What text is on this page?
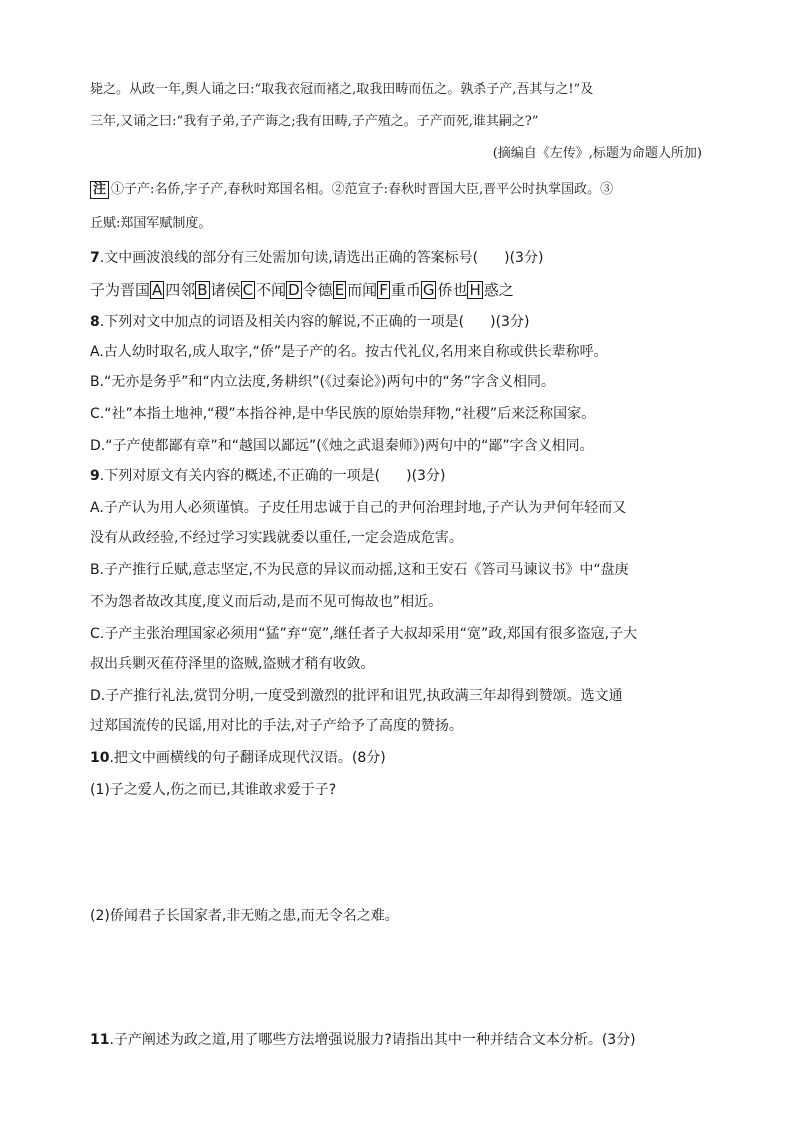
毙之。从政一年,舆人诵之曰:“取我衣冠而褚之,取我田畴而伍之。孰杀子产,吾其与之!”及
三年,又诵之曰:“我有子弟,子产诲之;我有田畴,子产殖之。子产而死,谁其嗣之?”
(摘编自《左传》,标题为命题人所加)
注 ①子产:名侨,字子产,春秋时郑国名相。②范宣子:春秋时晋国大臣,晋平公时执掌国政。③
丘赋:郑国军赋制度。
7.文中画波浪线的部分有三处需加句读,请选出正确的答案标号( )(3分)
子为晋国 A 四邻 B 诸侯 C 不闻 D 令德 E 而闻 F 重币 G 侨也 H 惑之
8.下列对文中加点的词语及相关内容的解说,不正确的一项是( )(3分)
A.古人幼时取名,成人取字,“侨”是子产的名。按古代礼仪,名用来自称或供长辈称呼。
B.“无亦是务乎”和“内立法度,务耕织”(《过秦论》)两句中的“务”字含义相同。
C.“社”本指土地神,“稷”本指谷神,是中华民族的原始崇拜物,“社稷”后来泛称国家。
D.“子产使都鄙有章”和“越国以鄙远”(《烛之武退秦师》)两句中的“鄙”字含义相同。
9.下列对原文有关内容的概述,不正确的一项是( )(3分)
A.子产认为用人必须谨慎。子皮任用忠诚于自己的尹何治理封地,子产认为尹何年轻而又
没有从政经验,不经过学习实践就委以重任,一定会造成危害。
B.子产推行丘赋,意志坚定,不为民意的异议而动摇,这和王安石《答司马谏议书》中“盘庚
不为怨者故改其度,度义而后动,是而不见可悔故也”相近。
C.子产主张治理国家必须用“猛”弃“宽”,继任者子大叔却采用“宽”政,郑国有很多盗寇,子大
叔出兵剿灭萑苻泽里的盗贼,盗贼才稍有收敛。
D.子产推行礼法,赏罚分明,一度受到激烈的批评和诅咒,执政满三年却得到赞颂。选文通
过郑国流传的民谣,用对比的手法,对子产给予了高度的赞扬。
10.把文中画横线的句子翻译成现代汉语。(8分)
(1)子之爱人,伤之而已,其谁敢求爱于子?
(2)侨闻君子长国家者,非无贿之患,而无令名之难。
11.子产阐述为政之道,用了哪些方法增强说服力?请指出其中一种并结合文本分析。(3分)
